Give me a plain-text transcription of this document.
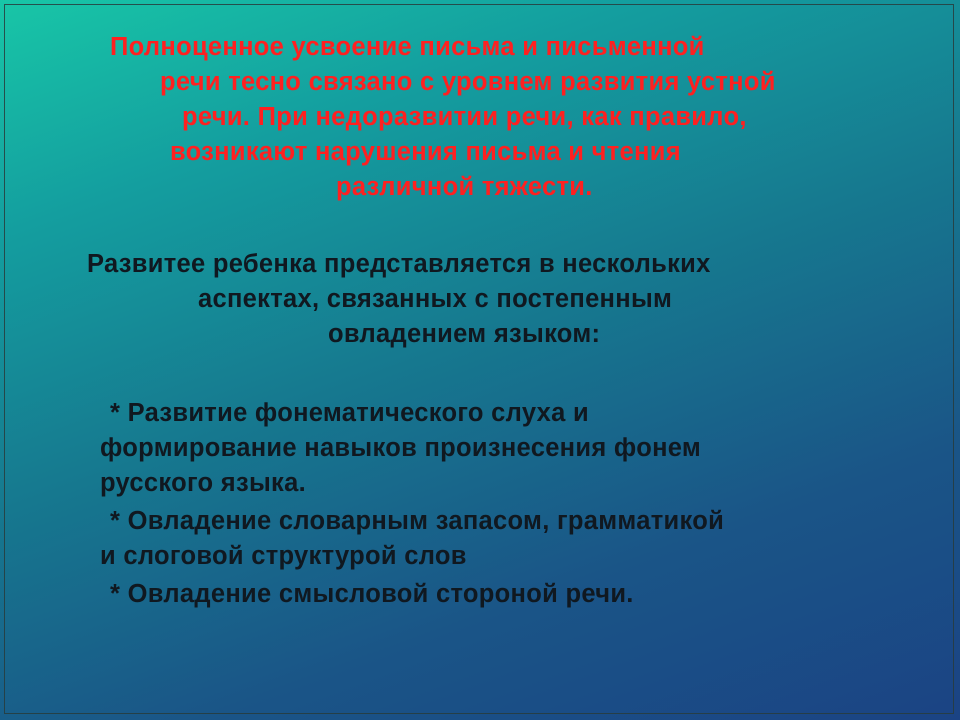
Полноценное усвоение письма и письменной
речи тесно связано с уровнем развития устной
речи. При недоразвитии речи, как правило,
возникают нарушения письма и чтения
различной тяжести.

Развитее ребенка представляется в нескольких
аспектах, связанных с постепенным
овладением языком:

* Развитие фонематического слуха и
формирование навыков произнесения фонем
русского языка.
* Овладение словарным запасом, грамматикой
и слоговой структурой слов
* Овладение смысловой стороной речи.
